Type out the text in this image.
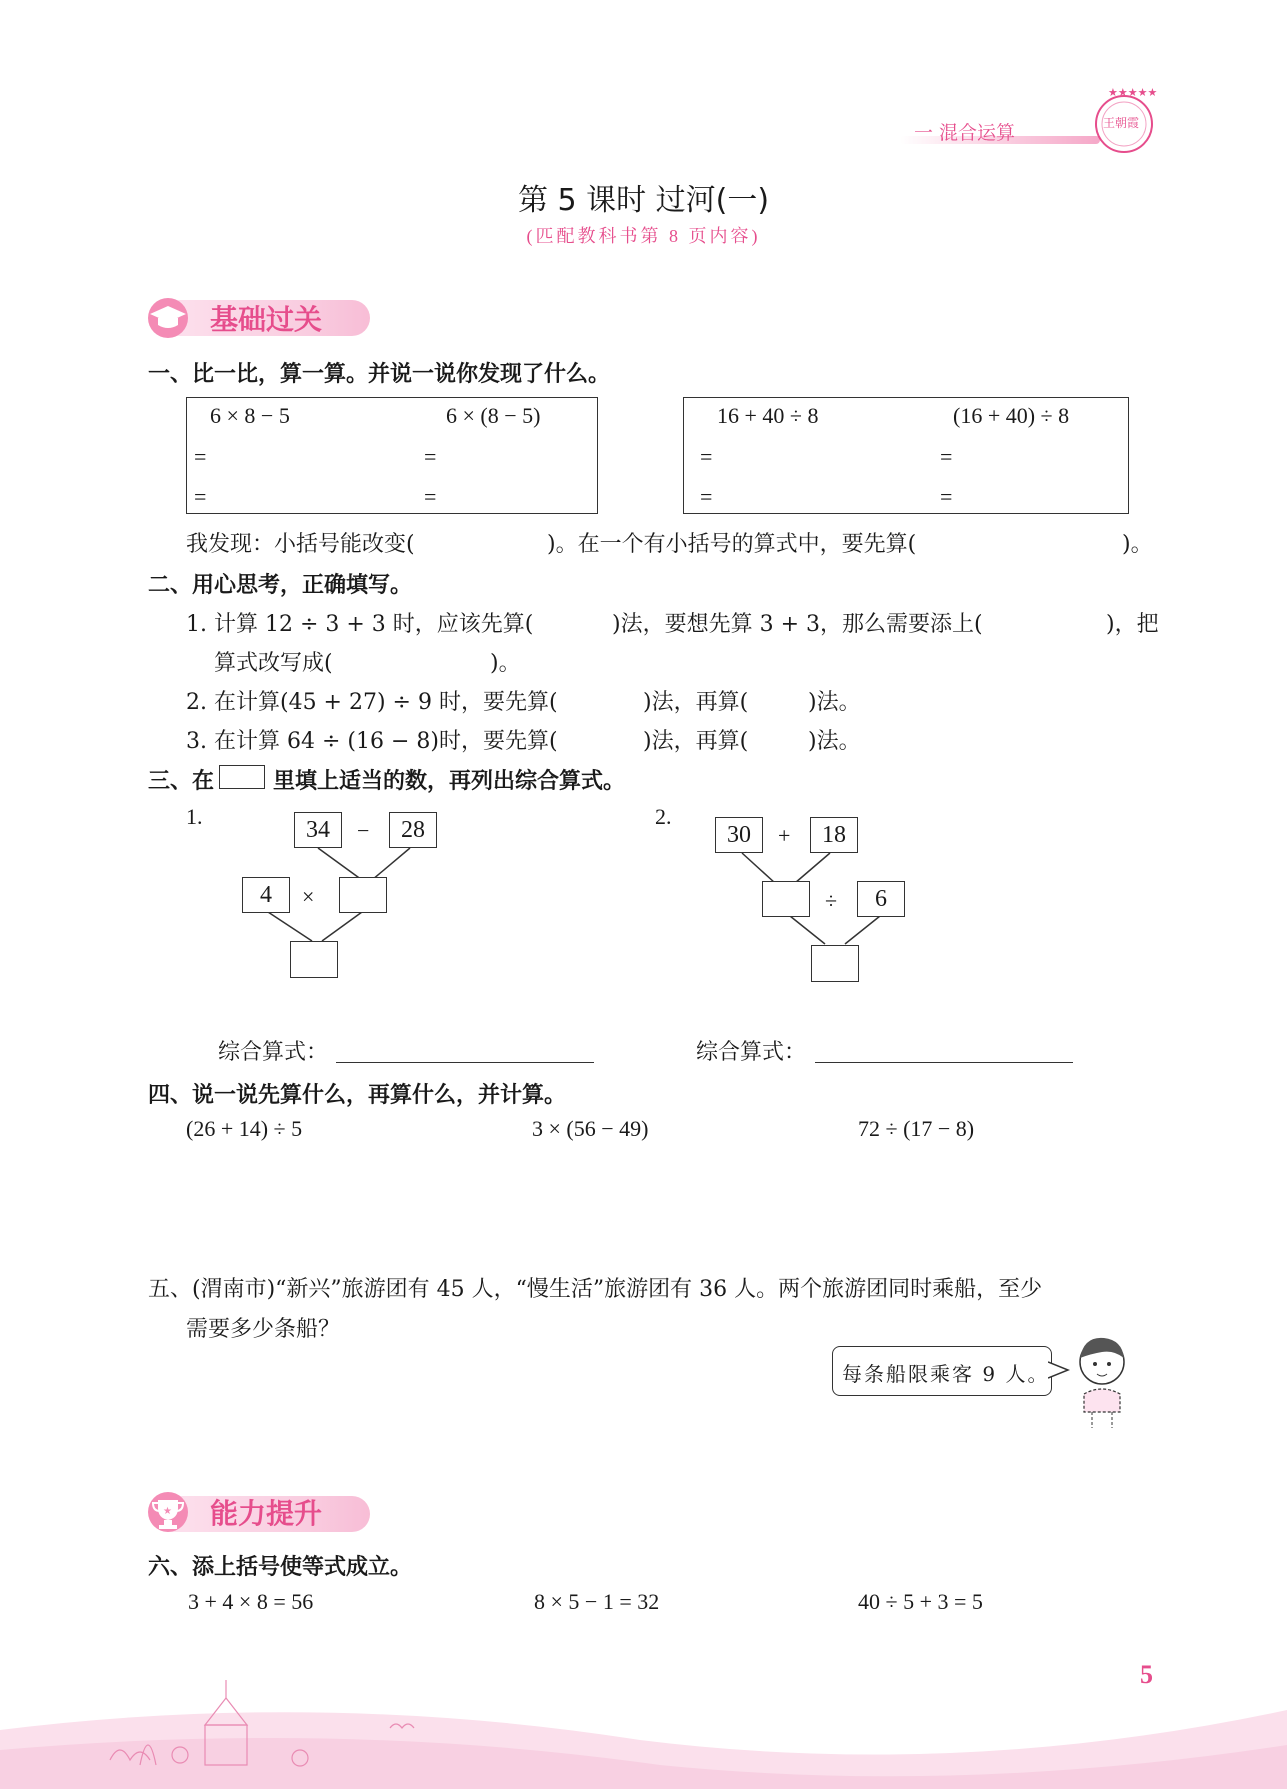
一 混合运算
★★★★★
王朝霞
第 5 课时 过河(一)
(匹配教科书第 8 页内容)
基础过关
一、比一比，算一算。并说一说你发现了什么。
6 × 8 − 5	6 × (8 − 5)
=	=
=	=
16 + 40 ÷ 8	(16 + 40) ÷ 8
=	=
=	=
我发现：小括号能改变(	)。在一个有小括号的算式中，要先算(	)。
二、用心思考，正确填写。
1. 计算 12 ÷ 3 + 3 时，应该先算(	)法，要想先算 3 + 3，那么需要添上(	)，把
算式改写成(	)。
2. 在计算(45 + 27) ÷ 9 时，要先算(	)法，再算(	)法。
3. 在计算 64 ÷ (16 − 8)时，要先算(	)法，再算(	)法。
三、在	里填上适当的数，再列出综合算式。
1.
34	−	28
4	×
2.
30	+	18
÷	6
综合算式：	综合算式：
四、说一说先算什么，再算什么，并计算。
(26 + 14) ÷ 5	3 × (56 − 49)	72 ÷ (17 − 8)
五、(渭南市)“新兴”旅游团有 45 人，“慢生活”旅游团有 36 人。两个旅游团同时乘船，至少
需要多少条船？
每条船限乘客 9 人。
★ 能力提升
六、添上括号使等式成立。
3 + 4 × 8 = 56	8 × 5 − 1 = 32	40 ÷ 5 + 3 = 5
5
